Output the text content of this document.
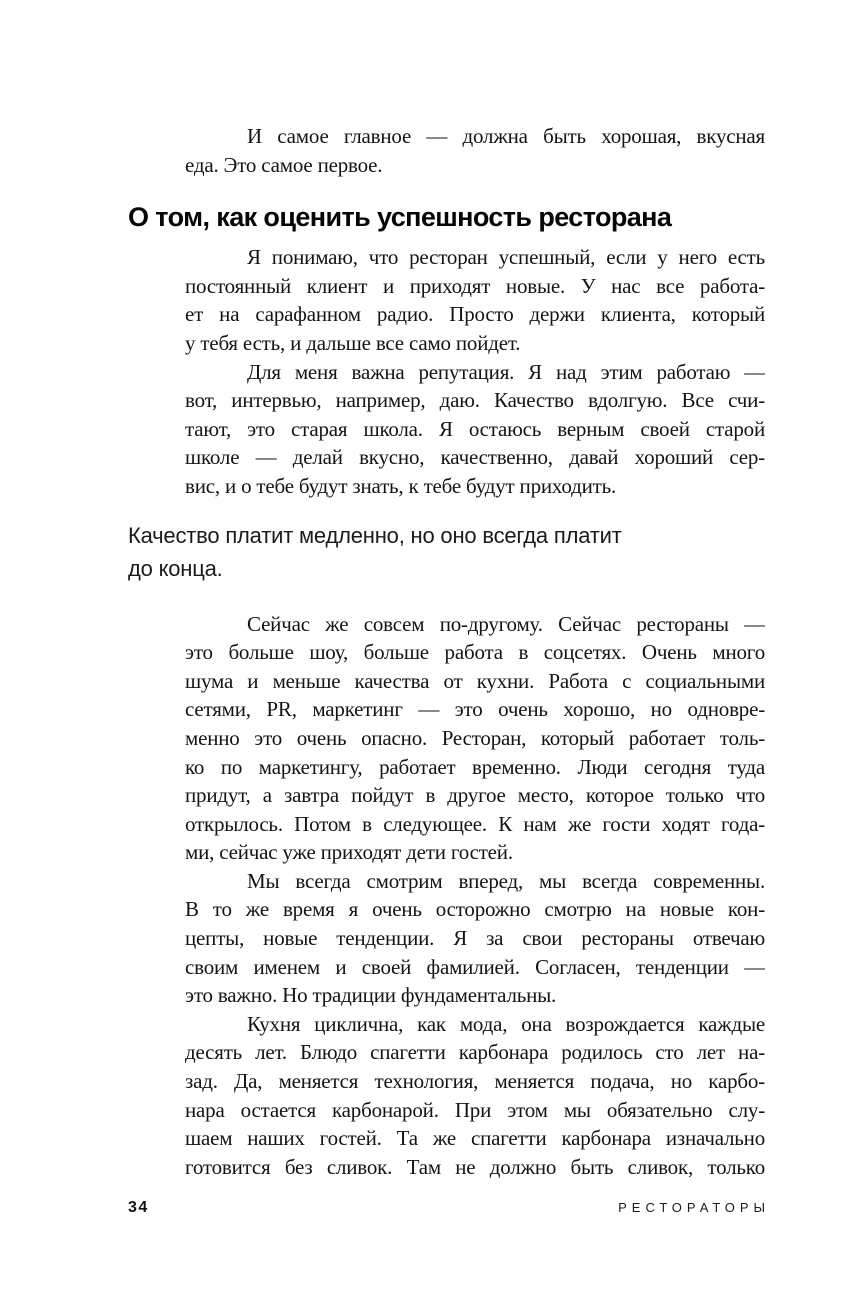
И самое главное — должна быть хорошая, вкусная
еда. Это самое первое.
О том, как оценить успешность ресторана
Я понимаю, что ресторан успешный, если у него есть
постоянный клиент и приходят новые. У нас все работа-
ет на сарафанном радио. Просто держи клиента, который
у тебя есть, и дальше все само пойдет.
Для меня важна репутация. Я над этим работаю —
вот, интервью, например, даю. Качество вдолгую. Все счи-
тают, это старая школа. Я остаюсь верным своей старой
школе — делай вкусно, качественно, давай хороший сер-
вис, и о тебе будут знать, к тебе будут приходить.
Качество платит медленно, но оно всегда платит
до конца.
Сейчас же совсем по-другому. Сейчас рестораны —
это больше шоу, больше работа в соцсетях. Очень много
шума и меньше качества от кухни. Работа с социальными
сетями, PR, маркетинг — это очень хорошо, но одновре-
менно это очень опасно. Ресторан, который работает толь-
ко по маркетингу, работает временно. Люди сегодня туда
придут, а завтра пойдут в другое место, которое только что
открылось. Потом в следующее. К нам же гости ходят года-
ми, сейчас уже приходят дети гостей.
Мы всегда смотрим вперед, мы всегда современны.
В то же время я очень осторожно смотрю на новые кон-
цепты, новые тенденции. Я за свои рестораны отвечаю
своим именем и своей фамилией. Согласен, тенденции —
это важно. Но традиции фундаментальны.
Кухня циклична, как мода, она возрождается каждые
десять лет. Блюдо спагетти карбонара родилось сто лет на-
зад. Да, меняется технология, меняется подача, но карбо-
нара остается карбонарой. При этом мы обязательно слу-
шаем наших гостей. Та же спагетти карбонара изначально
готовится без сливок. Там не должно быть сливок, только
34	РЕСТОРАТОРЫ
